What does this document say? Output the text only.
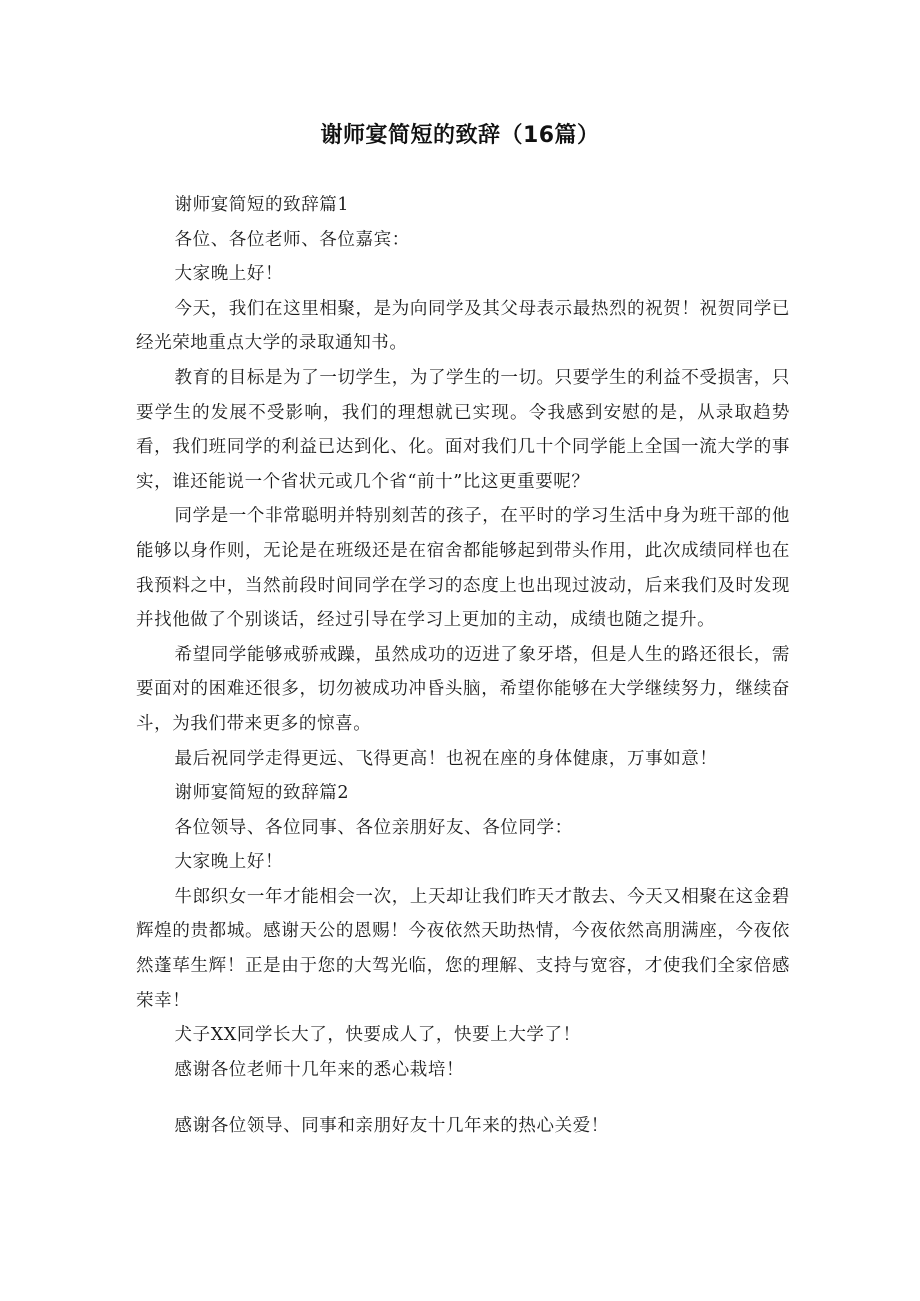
谢师宴简短的致辞（16篇）

谢师宴简短的致辞篇1

各位、各位老师、各位嘉宾：

大家晚上好！

今天，我们在这里相聚，是为向同学及其父母表示最热烈的祝贺！祝贺同学已经光荣地重点大学的录取通知书。

教育的目标是为了一切学生，为了学生的一切。只要学生的利益不受损害，只要学生的发展不受影响，我们的理想就已实现。令我感到安慰的是，从录取趋势看，我们班同学的利益已达到化、化。面对我们几十个同学能上全国一流大学的事实，谁还能说一个省状元或几个省“前十”比这更重要呢？

同学是一个非常聪明并特别刻苦的孩子，在平时的学习生活中身为班干部的他能够以身作则，无论是在班级还是在宿舍都能够起到带头作用，此次成绩同样也在我预料之中，当然前段时间同学在学习的态度上也出现过波动，后来我们及时发现并找他做了个别谈话，经过引导在学习上更加的主动，成绩也随之提升。

希望同学能够戒骄戒躁，虽然成功的迈进了象牙塔，但是人生的路还很长，需要面对的困难还很多，切勿被成功冲昏头脑，希望你能够在大学继续努力，继续奋斗，为我们带来更多的惊喜。

最后祝同学走得更远、飞得更高！也祝在座的身体健康，万事如意！

谢师宴简短的致辞篇2

各位领导、各位同事、各位亲朋好友、各位同学：

大家晚上好！

牛郎织女一年才能相会一次，上天却让我们昨天才散去、今天又相聚在这金碧辉煌的贵都城。感谢天公的恩赐！今夜依然天助热情，今夜依然高朋满座，今夜依然蓬荜生辉！正是由于您的大驾光临，您的理解、支持与宽容，才使我们全家倍感荣幸！

犬子XX同学长大了，快要成人了，快要上大学了！

感谢各位老师十几年来的悉心栽培！

感谢各位领导、同事和亲朋好友十几年来的热心关爱！
